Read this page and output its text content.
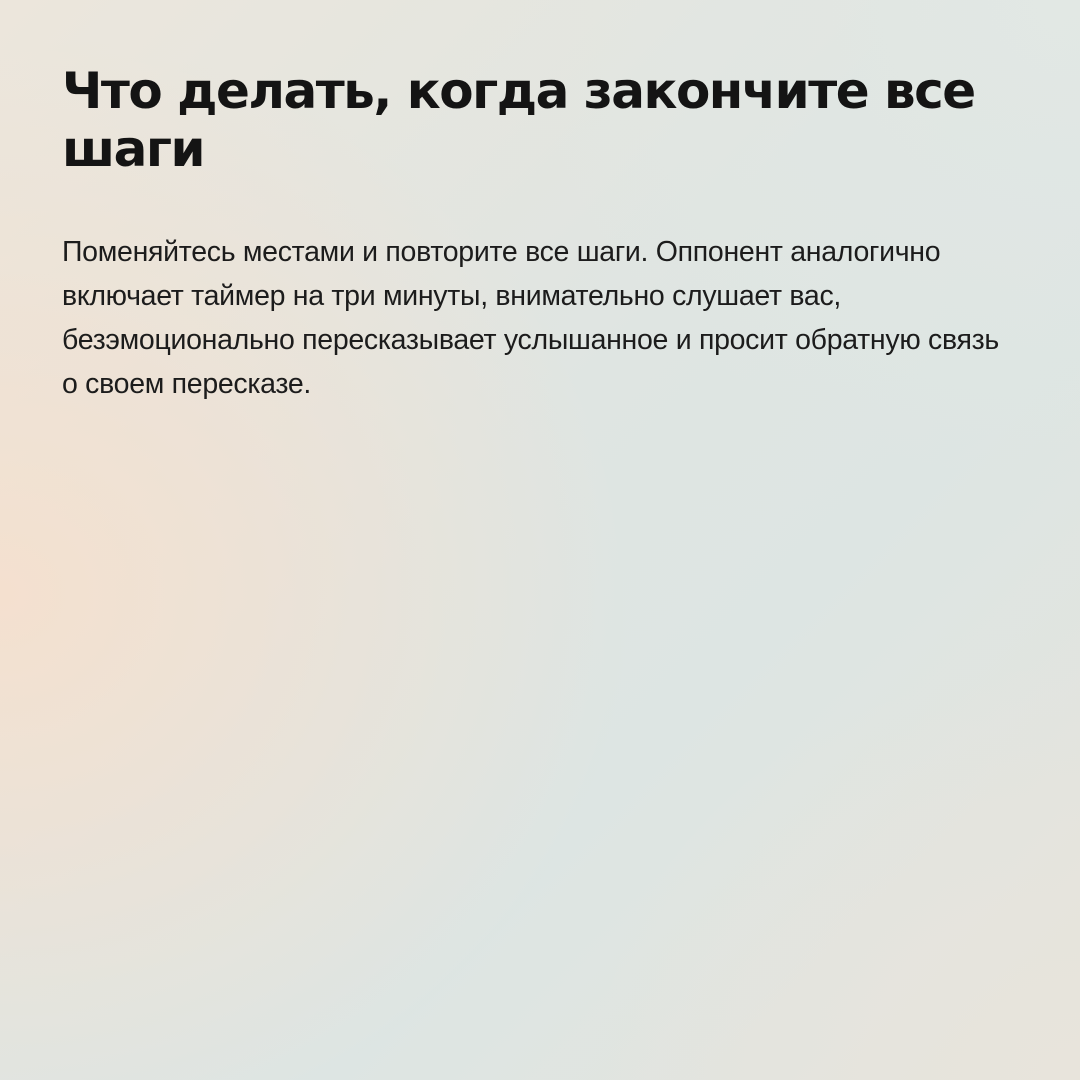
Что делать, когда закончите все шаги

Поменяйтесь местами и повторите все шаги. Оппонент аналогично включает таймер на три минуты, внимательно слушает вас, безэмоционально пересказывает услышанное и просит обратную связь о своем пересказе.
